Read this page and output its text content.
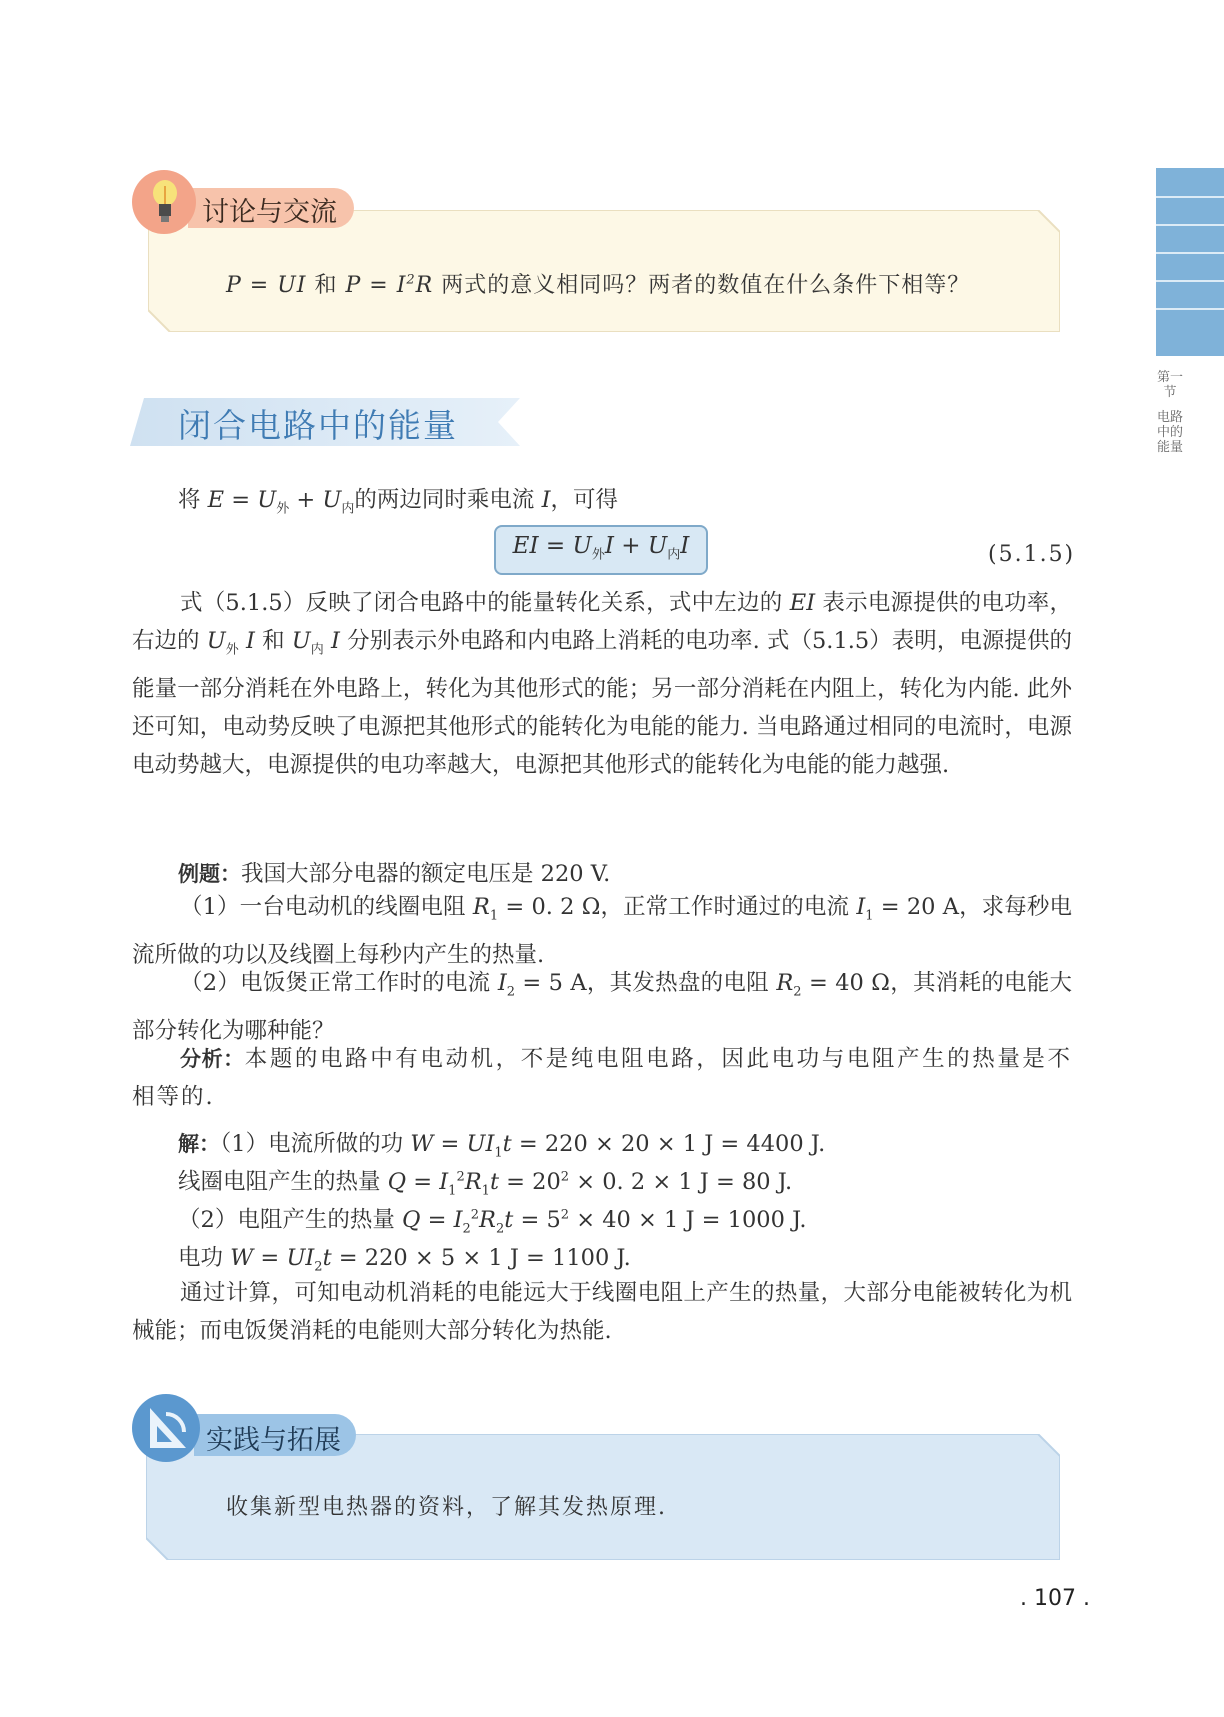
第一节
电路中的能量
讨论与交流
P = UI 和 $P = I^2R$ 两式的意义相同吗？两者的数值在什么条件下相等？
闭合电路中的能量
将 $E = U_外 + U_内$的两边同时乘电流 I，可得
EI = $U_外I + U_内I$	(5.1.5)

式（5.1.5）反映了闭合电路中的能量转化关系，式中左边的 EI 表示电源提供的电功率，右边的 $U_外$ I 和 $U_内$ I 分别表示外电路和内电路上消耗的电功率. 式（5.1.5）表明，电源提供的能量一部分消耗在外电路上，转化为其他形式的能；另一部分消耗在内阻上，转化为内能. 此外还可知，电动势反映了电源把其他形式的能转化为电能的能力. 当电路通过相同的电流时，电源电动势越大，电源提供的电功率越大，电源把其他形式的能转化为电能的能力越强.

例题：我国大部分电器的额定电压是 220 V.

（1）一台电动机的线圈电阻 $R_1 = 0$. 2 Ω，正常工作时通过的电流 $I_1 = 20$ A，求每秒电流所做的功以及线圈上每秒内产生的热量.

（2）电饭煲正常工作时的电流 $I_2 = 5$ A，其发热盘的电阻 $R_2 = 40$ Ω，其消耗的电能大部分转化为哪种能？

分析：本题的电路中有电动机，不是纯电阻电路，因此电功与电阻产生的热量是不相等的.

解：（1）电流所做的功 $W = UI_1t = 220 \times 20 \times 1$ J = 4400 J.
线圈电阻产生的热量 $Q = I_1^2R_1t = 20^2 \times 0$. 2 × 1 J = 80 J.
（2）电阻产生的热量 $Q = I_2^2R_2t = 5^2 \times 40 \times 1$ J = 1000 J.
电功 $W = UI_2t = 220 \times 5 \times 1$ J = 1100 J.

通过计算，可知电动机消耗的电能远大于线圈电阻上产生的热量，大部分电能被转化为机械能；而电饭煲消耗的电能则大部分转化为热能.

实践与拓展
收集新型电热器的资料，了解其发热原理.
. 107 .
